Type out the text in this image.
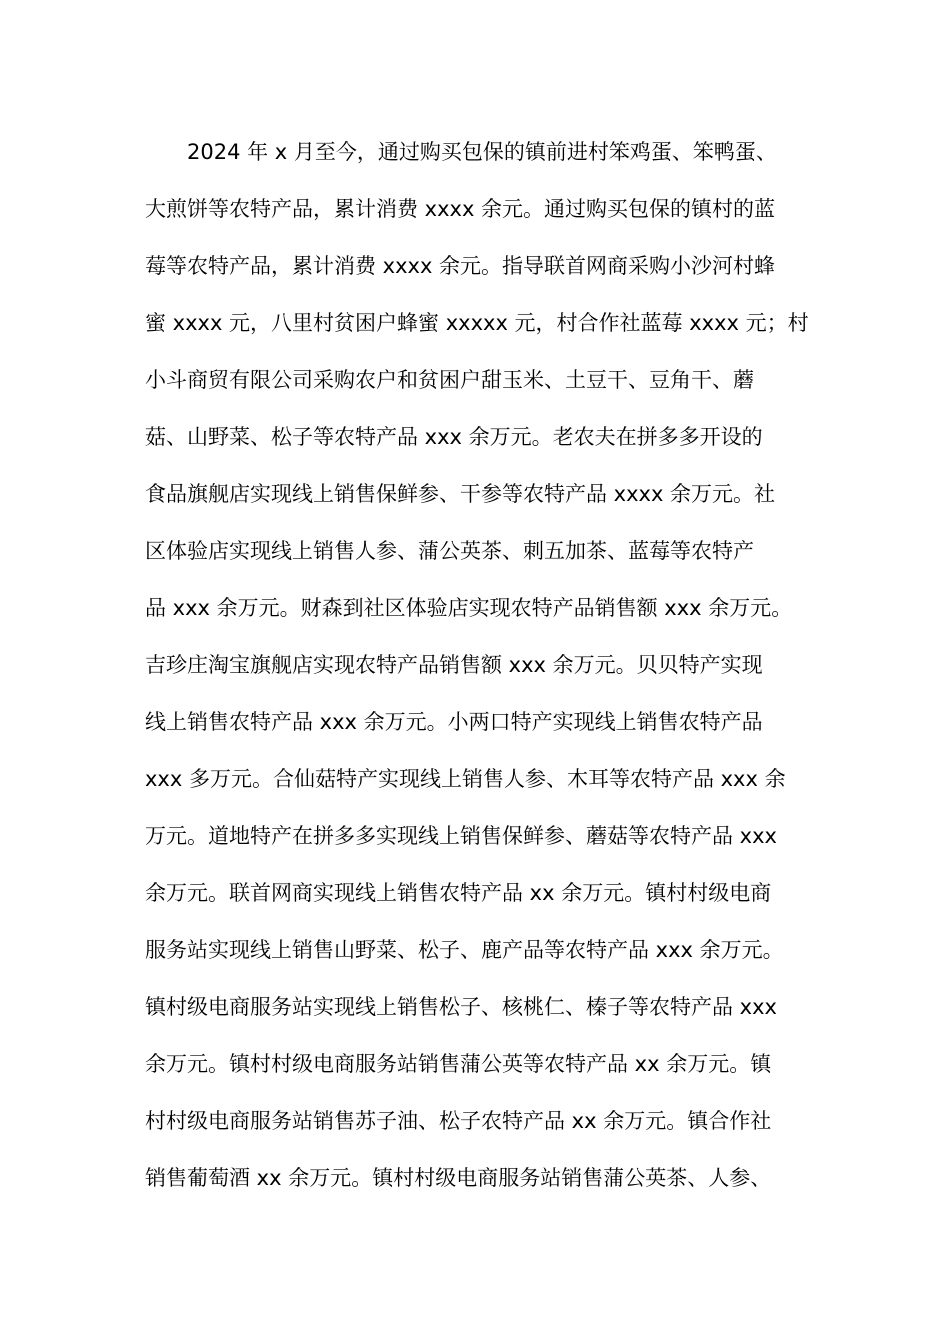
2024 年 x 月至今，通过购买包保的镇前进村笨鸡蛋、笨鸭蛋、
大煎饼等农特产品，累计消费 xxxx 余元。通过购买包保的镇村的蓝
莓等农特产品，累计消费 xxxx 余元。指导联首网商采购小沙河村蜂
蜜 xxxx 元，八里村贫困户蜂蜜 xxxxx 元，村合作社蓝莓 xxxx 元；村
小斗商贸有限公司采购农户和贫困户甜玉米、土豆干、豆角干、蘑
菇、山野菜、松子等农特产品 xxx 余万元。老农夫在拼多多开设的
食品旗舰店实现线上销售保鲜参、干参等农特产品 xxxx 余万元。社
区体验店实现线上销售人参、蒲公英茶、刺五加茶、蓝莓等农特产
品 xxx 余万元。财森到社区体验店实现农特产品销售额 xxx 余万元。
吉珍庄淘宝旗舰店实现农特产品销售额 xxx 余万元。贝贝特产实现
线上销售农特产品 xxx 余万元。小两口特产实现线上销售农特产品
xxx 多万元。合仙菇特产实现线上销售人参、木耳等农特产品 xxx 余
万元。道地特产在拼多多实现线上销售保鲜参、蘑菇等农特产品 xxx
余万元。联首网商实现线上销售农特产品 xx 余万元。镇村村级电商
服务站实现线上销售山野菜、松子、鹿产品等农特产品 xxx 余万元。
镇村级电商服务站实现线上销售松子、核桃仁、榛子等农特产品 xxx
余万元。镇村村级电商服务站销售蒲公英等农特产品 xx 余万元。镇
村村级电商服务站销售苏子油、松子农特产品 xx 余万元。镇合作社
销售葡萄酒 xx 余万元。镇村村级电商服务站销售蒲公英茶、人参、
